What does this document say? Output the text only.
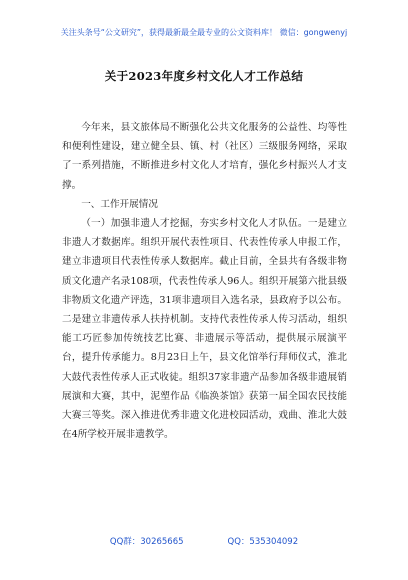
关注头条号“公文研究”，获得最新最全最专业的公文资料库！ 微信：gongwenyj
关于2023年度乡村文化人才工作总结

今年来，县文旅体局不断强化公共文化服务的公益性、均等性和便利性建设，建立健全县、镇、村（社区）三级服务网络，采取了一系列措施，不断推进乡村文化人才培育，强化乡村振兴人才支撑。

一、工作开展情况

（一）加强非遗人才挖掘，夯实乡村文化人才队伍。一是建立非遗人才数据库。组织开展代表性项目、代表性传承人申报工作，建立非遗项目代表性传承人数据库。截止目前，全县共有各级非物质文化遗产名录108项，代表性传承人96人。组织开展第六批县级非物质文化遗产评选，31项非遗项目入选名录，县政府予以公布。二是建立非遗传承人扶持机制。支持代表性传承人传习活动，组织能工巧匠参加传统技艺比赛、非遗展示等活动，提供展示展演平台，提升传承能力。8月23日上午，县文化馆举行拜师仪式，淮北大鼓代表性传承人正式收徒。组织37家非遗产品参加各级非遗展销展演和大赛，其中，泥塑作品《临涣茶馆》获第一届全国农民技能大赛三等奖。深入推进优秀非遗文化进校园活动，戏曲、淮北大鼓在4所学校开展非遗教学。

QQ群：30265665	QQ：535304092
